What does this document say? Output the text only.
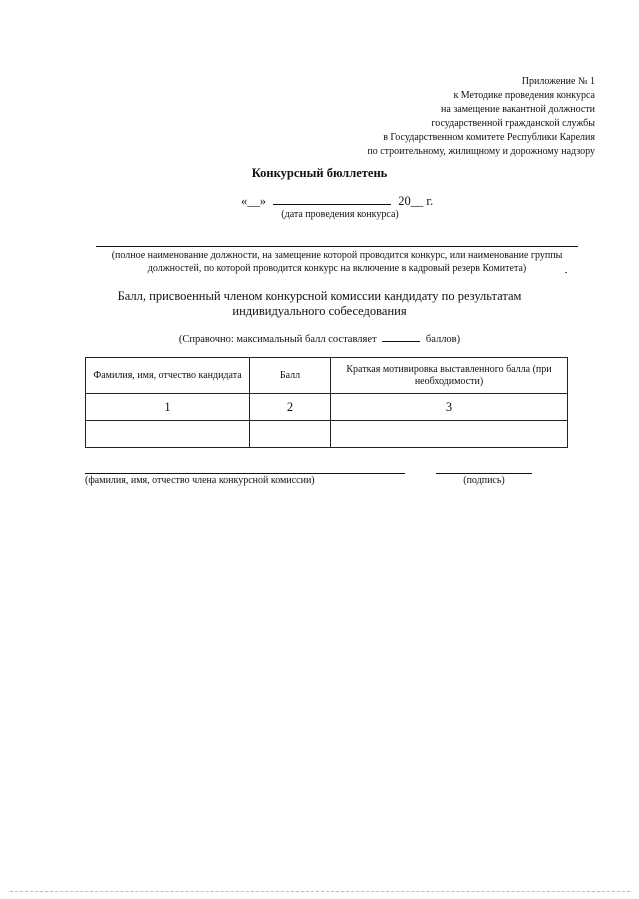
Приложение № 1
к Методике проведения конкурса
на замещение вакантной должности
государственной гражданской службы
в Государственном комитете Республики Карелия
по строительному, жилищному и дорожному надзору
Конкурсный бюллетень
«__»	20__ г.
(дата проведения конкурса)
(полное наименование должности, на замещение которой проводится конкурс, или наименование группы
должностей, по которой проводится конкурс на включение в кадровый резерв Комитета)
Балл, присвоенный членом конкурсной комиссии кандидату по результатам
индивидуального собеседования
(Справочно: максимальный балл составляет	баллов)
Фамилия, имя, отчество кандидата	Балл	Краткая мотивировка выставленного балла (при необходимости)
1	2	3

(фамилия, имя, отчество члена конкурсной комиссии)	(подпись)
